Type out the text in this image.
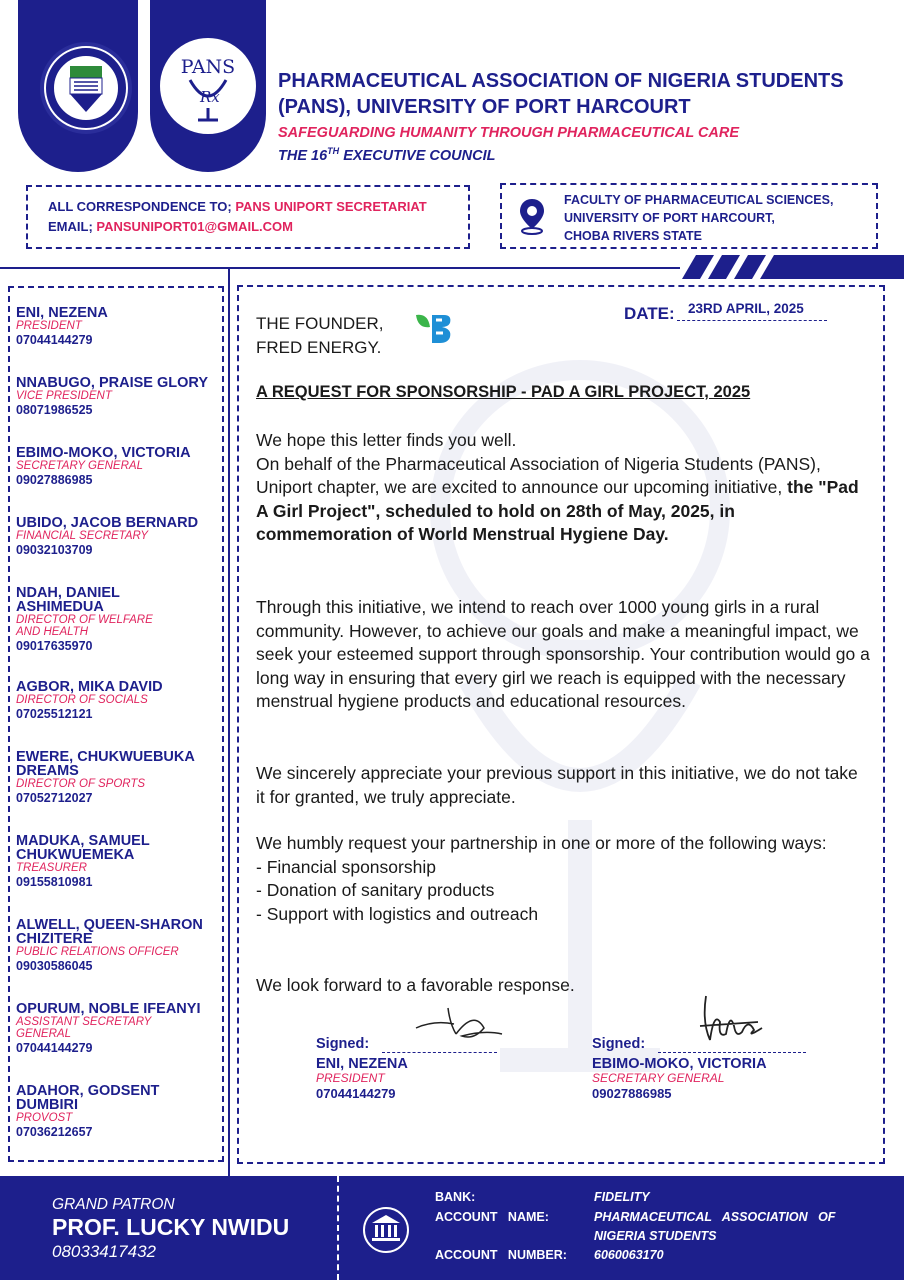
PANS
Rx
PHARMACEUTICAL ASSOCIATION OF NIGERIA STUDENTS
(PANS), UNIVERSITY OF PORT HARCOURT
SAFEGUARDING HUMANITY THROUGH PHARMACEUTICAL CARE
THE 16TH EXECUTIVE COUNCIL
ALL CORRESPONDENCE TO; PANS UNIPORT SECRETARIAT
EMAIL; PANSUNIPORT01@GMAIL.COM
FACULTY OF PHARMACEUTICAL SCIENCES,
UNIVERSITY OF PORT HARCOURT,
CHOBA RIVERS STATE
ENI, NEZENA
PRESIDENT
07044144279
NNABUGO, PRAISE GLORY
VICE PRESIDENT
08071986525
EBIMO-MOKO, VICTORIA
SECRETARY GENERAL
09027886985
UBIDO, JACOB BERNARD
FINANCIAL SECRETARY
09032103709
NDAH, DANIEL ASHIMEDUA
DIRECTOR OF WELFARE AND HEALTH
09017635970
AGBOR, MIKA DAVID
DIRECTOR OF SOCIALS
07025512121
EWERE, CHUKWUEBUKA DREAMS
DIRECTOR OF SPORTS
07052712027
MADUKA, SAMUEL CHUKWUEMEKA
TREASURER
09155810981
ALWELL, QUEEN-SHARON CHIZITERE
PUBLIC RELATIONS OFFICER
09030586045
OPURUM, NOBLE IFEANYI
ASSISTANT SECRETARY GENERAL
07044144279
ADAHOR, GODSENT DUMBIRI
PROVOST
07036212657
THE FOUNDER,
FRED ENERGY.
DATE: 23RD APRIL, 2025
A REQUEST FOR SPONSORSHIP - PAD A GIRL PROJECT, 2025
We hope this letter finds you well.
On behalf of the Pharmaceutical Association of Nigeria Students (PANS), Uniport chapter, we are excited to announce our upcoming initiative, the "Pad A Girl Project", scheduled to hold on 28th of May, 2025, in commemoration of World Menstrual Hygiene Day.
Through this initiative, we intend to reach over 1000 young girls in a rural community. However, to achieve our goals and make a meaningful impact, we seek your esteemed support through sponsorship. Your contribution would go a long way in ensuring that every girl we reach is equipped with the necessary menstrual hygiene products and educational resources.
We sincerely appreciate your previous support in this initiative, we do not take it for granted, we truly appreciate.
We humbly request your partnership in one or more of the following ways:
- Financial sponsorship
- Donation of sanitary products
- Support with logistics and outreach
We look forward to a favorable response.
Signed:
ENI, NEZENA
PRESIDENT
07044144279
Signed:
EBIMO-MOKO, VICTORIA
SECRETARY GENERAL
09027886985
GRAND PATRON
PROF. LUCKY NWIDU
08033417432
BANK:	FIDELITY
ACCOUNT   NAME:	PHARMACEUTICAL   ASSOCIATION   OF
NIGERIA STUDENTS
ACCOUNT   NUMBER: 6060063170
